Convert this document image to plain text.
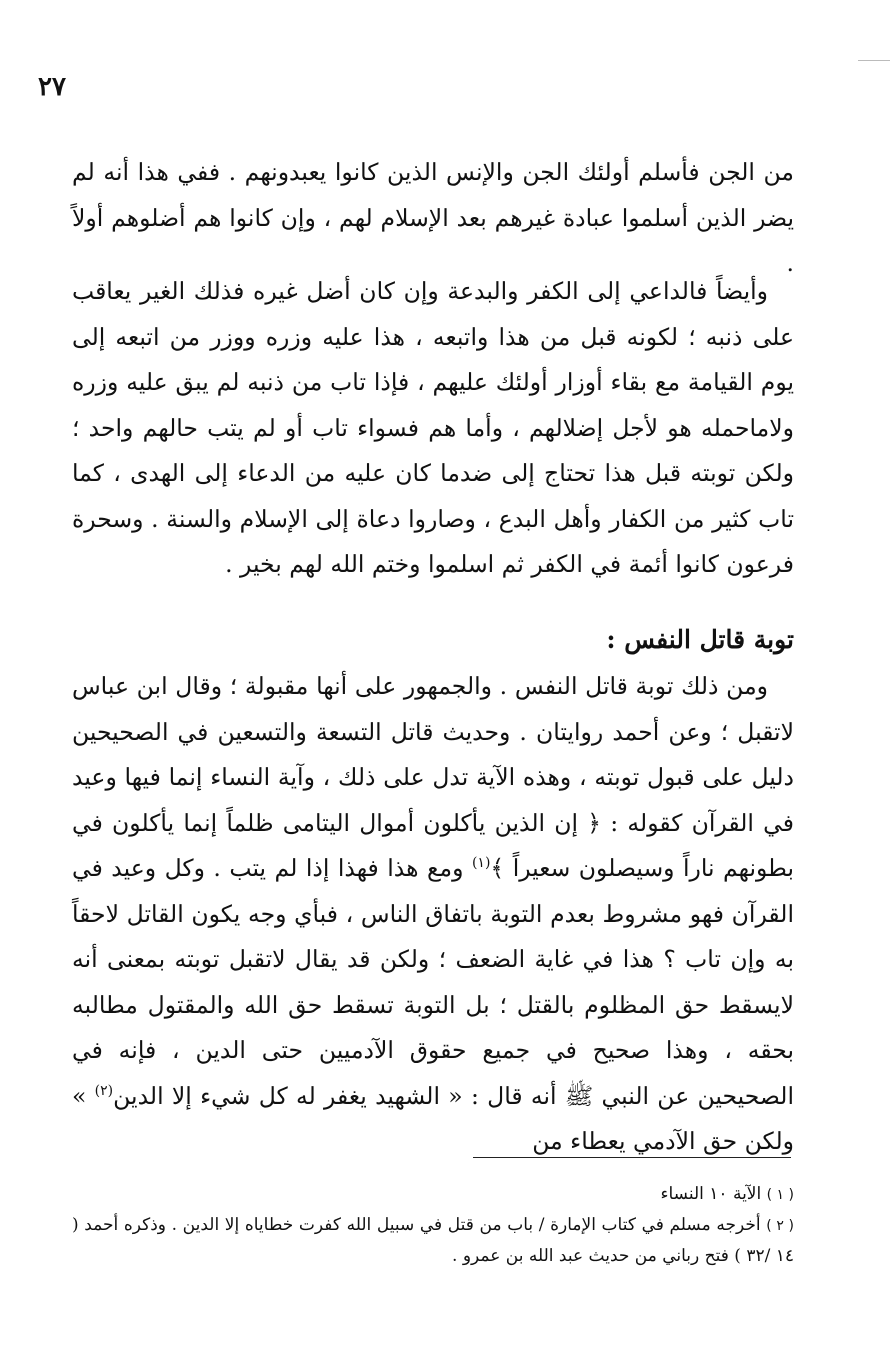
٢٧

من الجن فأسلم أولئك الجن والإنس الذين كانوا يعبدونهم . ففي هذا أنه لم يضر الذين أسلموا عبادة غيرهم بعد الإسلام لهم ، وإن كانوا هم أضلوهم أولاً .

وأيضاً فالداعي إلى الكفر والبدعة وإن كان أضل غيره فذلك الغير يعاقب على ذنبه ؛ لكونه قبل من هذا واتبعه ، هذا عليه وزره ووزر من اتبعه إلى يوم القيامة مع بقاء أوزار أولئك عليهم ، فإذا تاب من ذنبه لم يبق عليه وزره ولاماحمله هو لأجل إضلالهم ، وأما هم فسواء تاب أو لم يتب حالهم واحد ؛ ولكن توبته قبل هذا تحتاج إلى ضدما كان عليه من الدعاء إلى الهدى ، كما تاب كثير من الكفار وأهل البدع ، وصاروا دعاة إلى الإسلام والسنة . وسحرة فرعون كانوا أئمة في الكفر ثم اسلموا وختم الله لهم بخير .

توبة قاتل النفس :

ومن ذلك توبة قاتل النفس . والجمهور على أنها مقبولة ؛ وقال ابن عباس لاتقبل ؛ وعن أحمد روايتان . وحديث قاتل التسعة والتسعين في الصحيحين دليل على قبول توبته ، وهذه الآية تدل على ذلك ، وآية النساء إنما فيها وعيد في القرآن كقوله : ﴿ إن الذين يأكلون أموال اليتامى ظلماً إنما يأكلون في بطونهم ناراً وسيصلون سعيراً ﴾$^{(١)}$ ومع هذا فهذا إذا لم يتب . وكل وعيد في القرآن فهو مشروط بعدم التوبة باتفاق الناس ، فبأي وجه يكون القاتل لاحقاً به وإن تاب ؟ هذا في غاية الضعف ؛ ولكن قد يقال لاتقبل توبته بمعنى أنه لايسقط حق المظلوم بالقتل ؛ بل التوبة تسقط حق الله والمقتول مطالبه بحقه ، وهذا صحيح في جميع حقوق الآدميين حتى الدين ، فإنه في الصحيحين عن النبي ﷺ أنه قال : « الشهيد يغفر له كل شيء إلا الدين$^{(٢)}$ » ولكن حق الآدمي يعطاء من

( ١ ) الآية ١٠ النساء

( ٢ ) أخرجه مسلم في كتاب الإمارة / باب من قتل في سبيل الله كفرت خطاياه إلا الدين . وذكره أحمد ( ١٤ /٣٢ ) فتح رباني من حديث عبد الله بن عمرو .
